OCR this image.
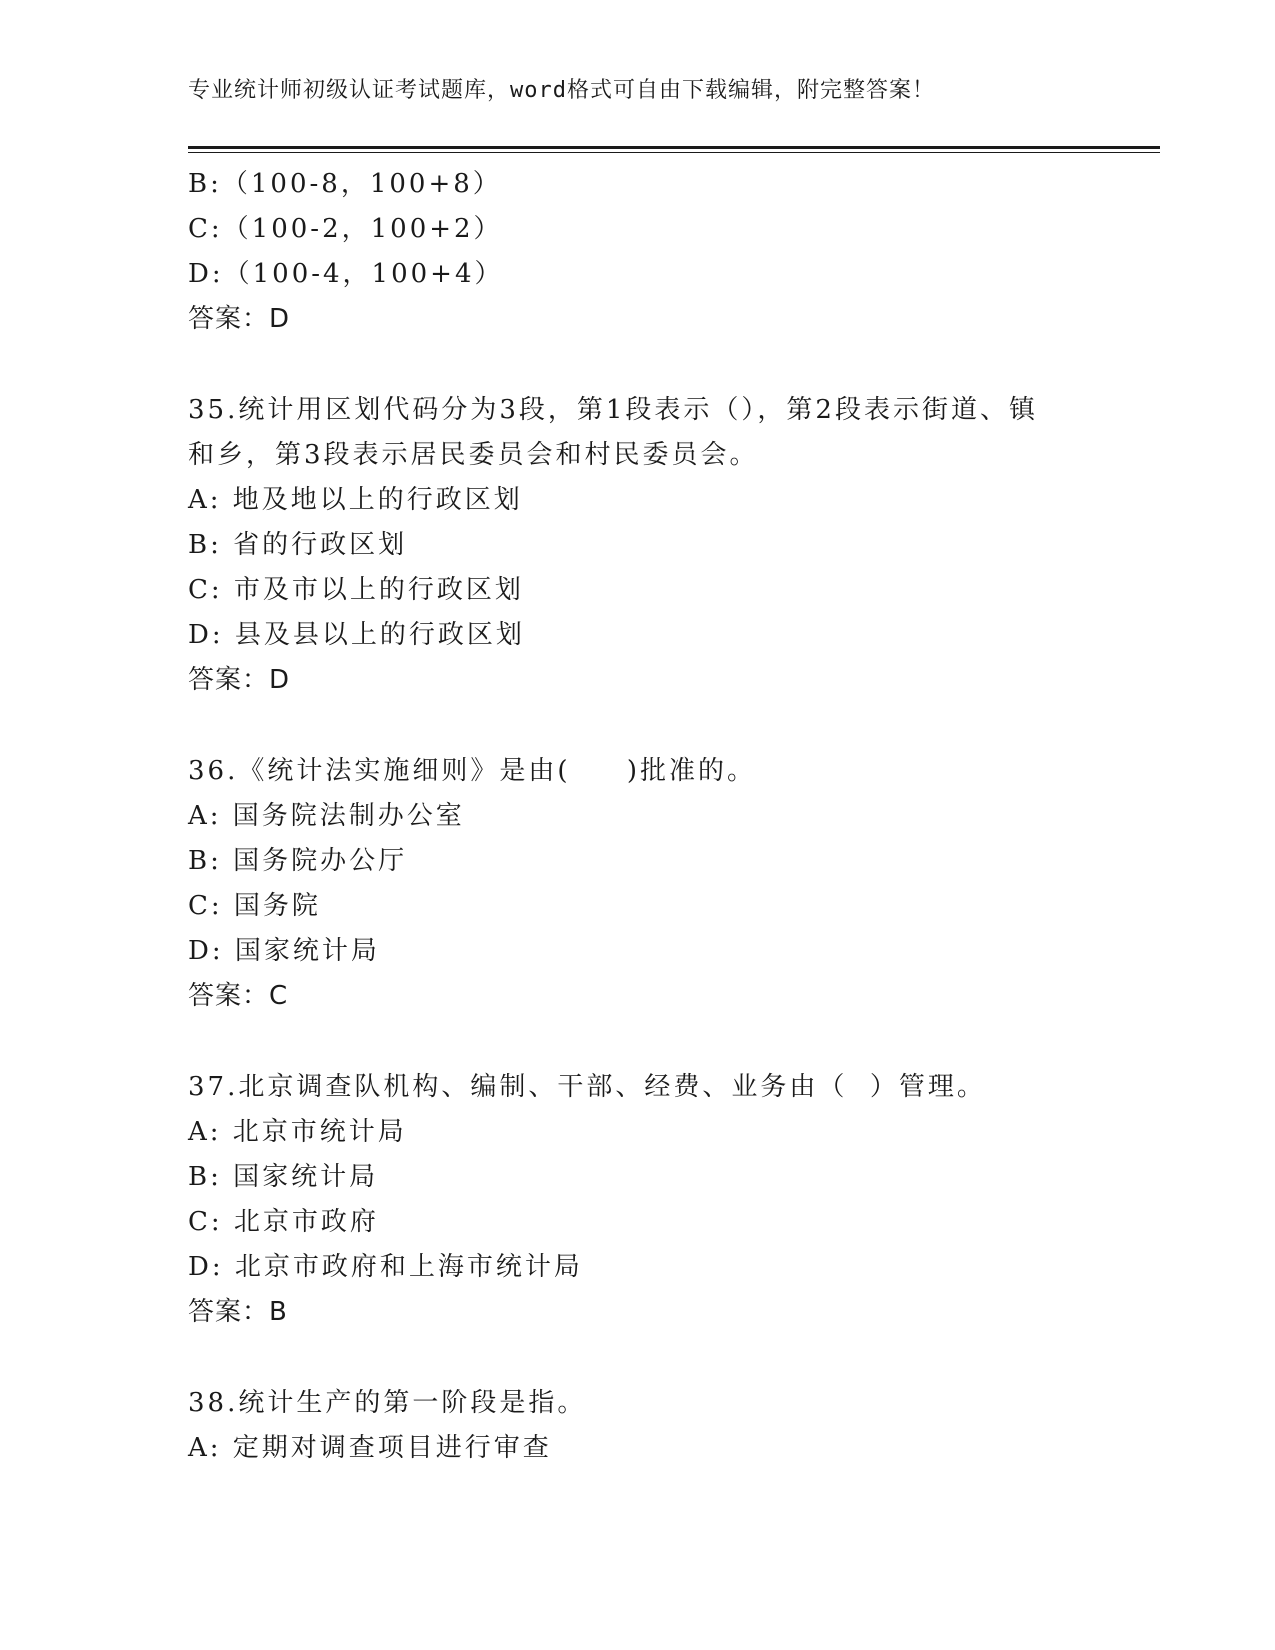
专业统计师初级认证考试题库，word格式可自由下载编辑，附完整答案！
B:（100-8，100+8）
C:（100-2，100+2）
D:（100-4，100+4）
答案：D
35.统计用区划代码分为3段，第1段表示（），第2段表示街道、镇
和乡，第3段表示居民委员会和村民委员会。
A: 地及地以上的行政区划
B: 省的行政区划
C: 市及市以上的行政区划
D: 县及县以上的行政区划
答案：D
36.《统计法实施细则》是由(     )批准的。
A: 国务院法制办公室
B: 国务院办公厅
C: 国务院
D: 国家统计局
答案：C
37.北京调查队机构、编制、干部、经费、业务由（  ）管理。
A: 北京市统计局
B: 国家统计局
C: 北京市政府
D: 北京市政府和上海市统计局
答案：B
38.统计生产的第一阶段是指。
A: 定期对调查项目进行审查
